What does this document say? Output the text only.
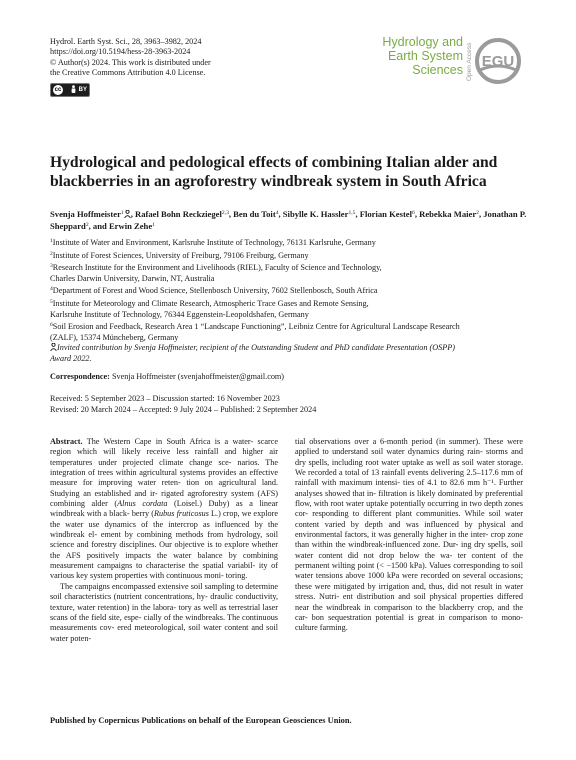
Hydrol. Earth Syst. Sci., 28, 3963–3982, 2024
https://doi.org/10.5194/hess-28-3963-2024
© Author(s) 2024. This work is distributed under
the Creative Commons Attribution 4.0 License.
cc	BY
Hydrology and
Earth System
Sciences Open Access EGU
Hydrological and pedological effects of combining Italian alder and blackberries in an agroforestry windbreak system in South Africa
Svenja Hoffmeister$^1$ , Rafael Bohn Reckziegel$^{2,3}$, Ben du Toit$^4$, Sibylle K. Hassler$^{1,5}$, Florian Kestel$^6$, Rebekka Maier$^2$, Jonathan P. Sheppard$^2$, and Erwin Zehe$^1$

$^1$Institute of Water and Environment, Karlsruhe Institute of Technology, 76131 Karlsruhe, Germany

$^2$Institute of Forest Sciences, University of Freiburg, 79106 Freiburg, Germany

$^3$Research Institute for the Environment and Livelihoods (RIEL), Faculty of Science and Technology,

Charles Darwin University, Darwin, NT, Australia

$^4$Department of Forest and Wood Science, Stellenbosch University, 7602 Stellenbosch, South Africa

$^5$Institute for Meteorology and Climate Research, Atmospheric Trace Gases and Remote Sensing,

Karlsruhe Institute of Technology, 76344 Eggenstein-Leopoldshafen, Germany

$^6$Soil Erosion and Feedback, Research Area 1 “Landscape Functioning”, Leibniz Centre for Agricultural Landscape Research

(ZALF), 15374 Müncheberg, Germany

Invited contribution by Svenja Hoffmeister, recipient of the Outstanding Student and PhD candidate Presentation (OSPP)
Award 2022.

Correspondence: Svenja Hoffmeister (svenjahoffmeister@gmail.com)

Received: 5 September 2023 – Discussion started: 16 November 2023

Revised: 20 March 2024 – Accepted: 9 July 2024 – Published: 2 September 2024

Abstract. The Western Cape in South Africa is a water- scarce region which will likely receive less rainfall and higher air temperatures under projected climate change sce- narios. The integration of trees within agricultural systems provides an effective measure for improving water reten- tion on agricultural land. Studying an established and ir- rigated agroforestry system (AFS) combining alder (Alnus cordata (Loisel.) Duby) as a linear windbreak with a black- berry (Rubus fruticosus L.) crop, we explore the water use dynamics of the intercrop as influenced by the windbreak el- ement by combining methods from hydrology, soil science and forestry disciplines. Our objective is to explore whether the AFS positively impacts the water balance by combining measurement campaigns to characterise the spatial variabil- ity of various key system properties with continuous moni- toring.

The campaigns encompassed extensive soil sampling to determine soil characteristics (nutrient concentrations, hy- draulic conductivity, texture, water retention) in the labora- tory as well as terrestrial laser scans of the field site, espe- cially of the windbreaks. The continuous measurements cov- ered meteorological, soil water content and soil water poten-

tial observations over a 6-month period (in summer). These were applied to understand soil water dynamics during rain- storms and dry spells, including root water uptake as well as soil water storage. We recorded a total of 13 rainfall events delivering 2.5–117.6 mm of rainfall with maximum intensi- ties of 4.1 to 82.6 mm h⁻¹. Further analyses showed that in- filtration is likely dominated by preferential flow, with root water uptake potentially occurring in two depth zones cor- responding to different plant communities. While soil water content varied by depth and was influenced by physical and environmental factors, it was generally higher in the inter- crop zone than within the windbreak-influenced zone. Dur- ing dry spells, soil water content did not drop below the wa- ter content of the permanent wilting point (< −1500 kPa). Values corresponding to soil water tensions above 1000 kPa were recorded on several occasions; these were mitigated by irrigation and, thus, did not result in water stress. Nutri- ent distribution and soil physical properties differed near the windbreak in comparison to the blackberry crop, and the car- bon sequestration potential is great in comparison to mono- culture farming.

Published by Copernicus Publications on behalf of the European Geosciences Union.
